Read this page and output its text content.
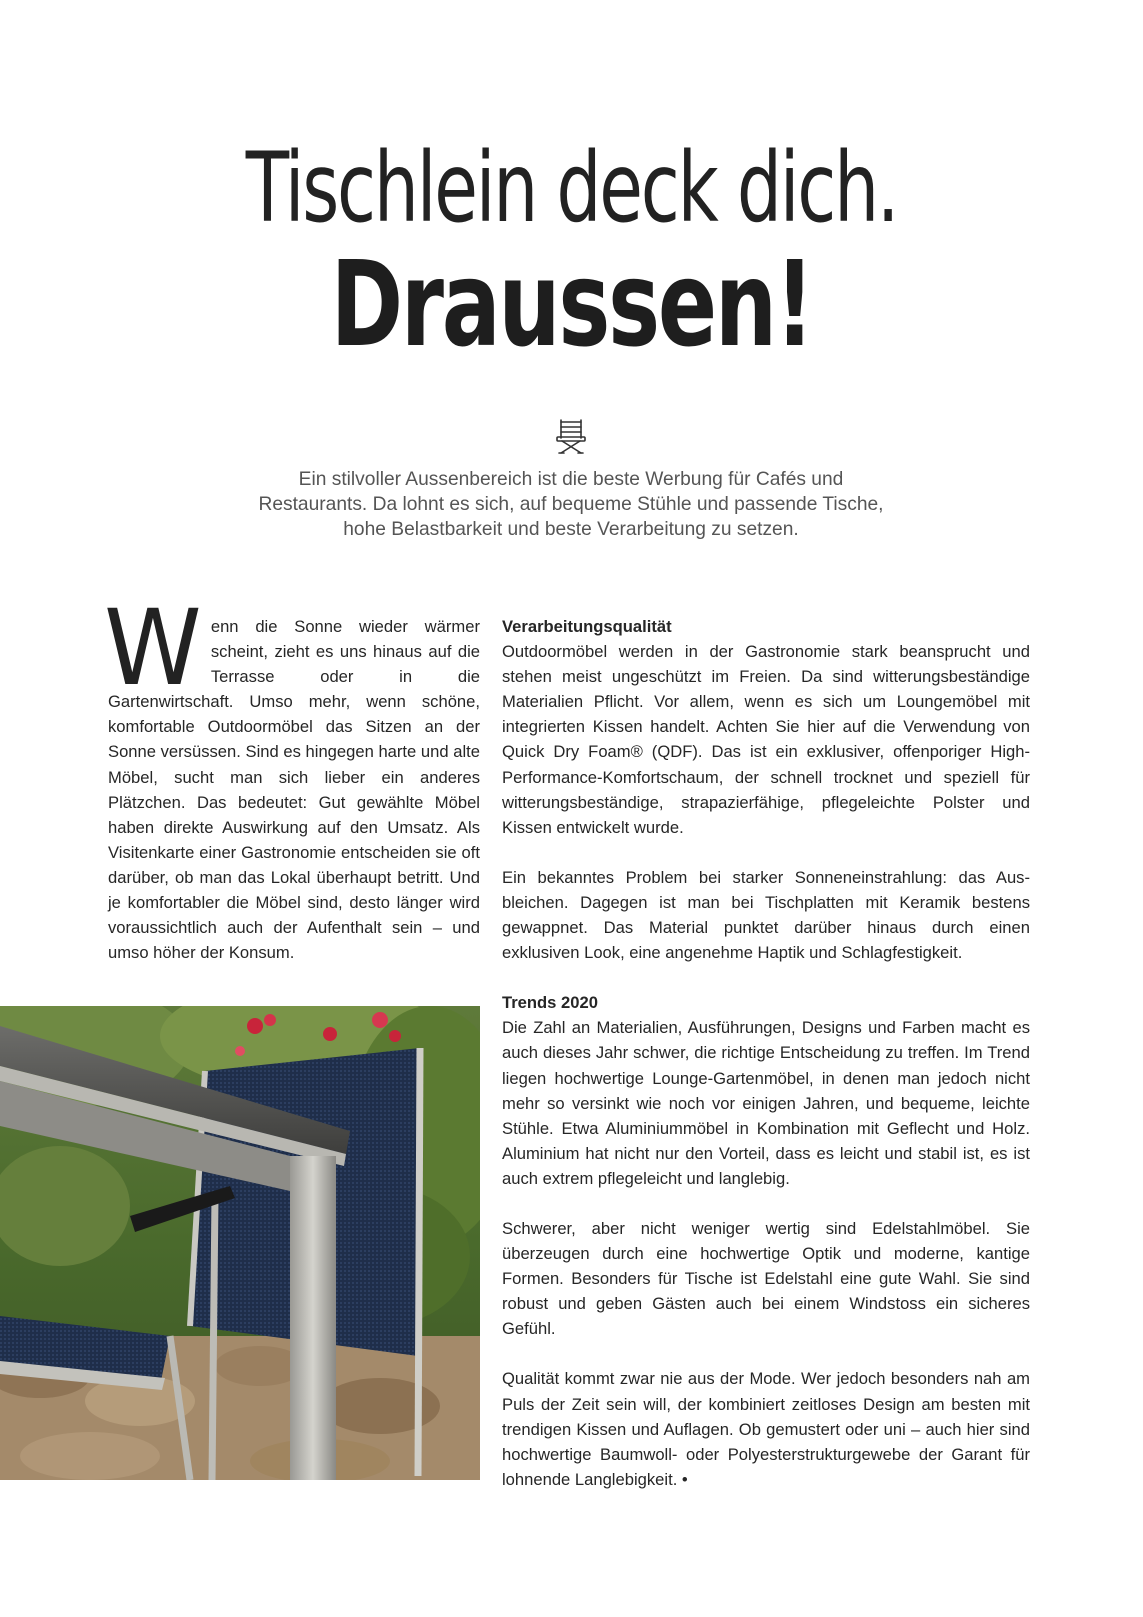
Tischlein deck dich.
Draussen!
Ein stilvoller Aussenbereich ist die beste Werbung für Cafés und Restaurants. Da lohnt es sich, auf bequeme Stühle und passende Tische, hohe Belastbarkeit und beste Verarbeitung zu setzen.
W enn die Sonne wieder wärmer scheint, zieht es uns hinaus auf die Terrasse oder in die Gartenwirtschaft. Umso mehr, wenn schöne, komfortable Outdoormöbel das Sitzen an der Sonne versüssen. Sind es hingegen harte und alte Möbel, sucht man sich lieber ein anderes Plätzchen. Das bedeutet: Gut gewählte Möbel haben direkte Auswirkung auf den Umsatz. Als Visitenkarte einer Gastronomie entscheiden sie oft darüber, ob man das Lokal überhaupt betritt. Und je komfortabler die Möbel sind, desto länger wird voraussichtlich auch der Aufenthalt sein – und umso höher der Konsum.

Verarbeitungsqualität

Outdoormöbel werden in der Gastronomie stark beansprucht und stehen meist ungeschützt im Freien. Da sind witterungsbeständige Materialien Pflicht. Vor allem, wenn es sich um Loungemöbel mit integrierten Kissen handelt. Achten Sie hier auf die Verwendung von Quick Dry Foam® (QDF). Das ist ein exklusiver, offenporiger High-Performance-Komfortschaum, der schnell trocknet und speziell für witterungsbeständige, strapazierfähige, pflegeleichte Polster und Kissen entwickelt wurde.

Ein bekanntes Problem bei starker Sonneneinstrahlung: das Ausbleichen. Dagegen ist man bei Tischplatten mit Keramik bestens gewappnet. Das Material punktet darüber hinaus durch einen exklusiven Look, eine angenehme Haptik und Schlagfestigkeit.

Trends 2020

Die Zahl an Materialien, Ausführungen, Designs und Farben macht es auch dieses Jahr schwer, die richtige Entscheidung zu treffen. Im Trend liegen hochwertige Lounge-Gartenmöbel, in denen man jedoch nicht mehr so versinkt wie noch vor einigen Jahren, und bequeme, leichte Stühle. Etwa Aluminiummöbel in Kombination mit Geflecht und Holz. Aluminium hat nicht nur den Vorteil, dass es leicht und stabil ist, es ist auch extrem pflegeleicht und langlebig.

Schwerer, aber nicht weniger wertig sind Edelstahlmöbel. Sie überzeugen durch eine hochwertige Optik und moderne, kantige Formen. Besonders für Tische ist Edelstahl eine gute Wahl. Sie sind robust und geben Gästen auch bei einem Windstoss ein sicheres Gefühl.

Qualität kommt zwar nie aus der Mode. Wer jedoch besonders nah am Puls der Zeit sein will, der kombiniert zeitloses Design am besten mit trendigen Kissen und Auflagen. Ob gemustert oder uni – auch hier sind hochwertige Baumwoll- oder Polyesterstrukturgewebe der Garant für lohnende Langlebigkeit. •
